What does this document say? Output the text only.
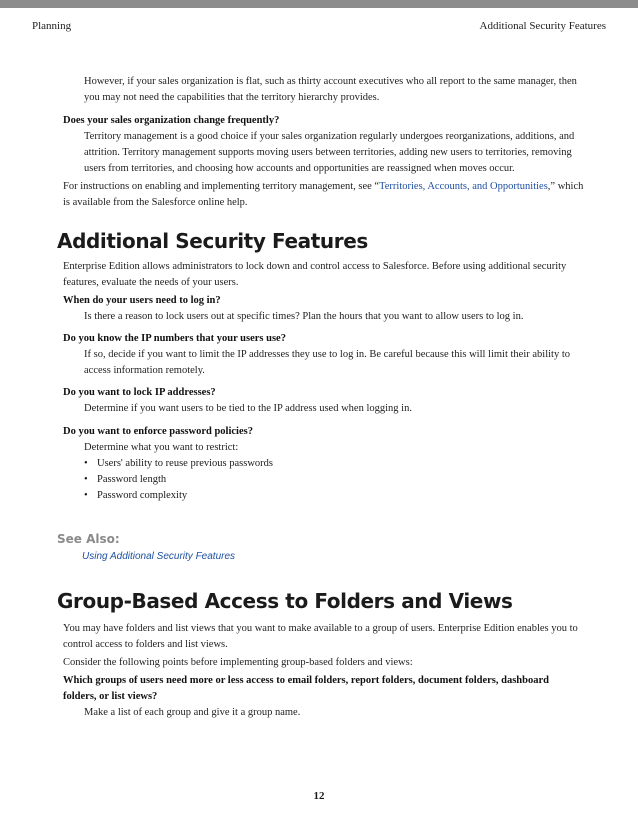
Planning	Additional Security Features

However, if your sales organization is flat, such as thirty account executives who all report to the same manager, then you may not need the capabilities that the territory hierarchy provides.

Does your sales organization change frequently?

Territory management is a good choice if your sales organization regularly undergoes reorganizations, additions, and attrition. Territory management supports moving users between territories, adding new users to territories, removing users from territories, and choosing how accounts and opportunities are reassigned when moves occur.

For instructions on enabling and implementing territory management, see “Territories, Accounts, and Opportunities,” which is available from the Salesforce online help.

Additional Security Features

Enterprise Edition allows administrators to lock down and control access to Salesforce. Before using additional security features, evaluate the needs of your users.

When do your users need to log in?

Is there a reason to lock users out at specific times? Plan the hours that you want to allow users to log in.

Do you know the IP numbers that your users use?

If so, decide if you want to limit the IP addresses they use to log in. Be careful because this will limit their ability to access information remotely.

Do you want to lock IP addresses?

Determine if you want users to be tied to the IP address used when logging in.

Do you want to enforce password policies?

Determine what you want to restrict:

• Users' ability to reuse previous passwords
• Password length
• Password complexity
See Also:
Using Additional Security Features
Group-Based Access to Folders and Views

You may have folders and list views that you want to make available to a group of users. Enterprise Edition enables you to control access to folders and list views.

Consider the following points before implementing group-based folders and views:

Which groups of users need more or less access to email folders, report folders, document folders, dashboard folders, or list views?

Make a list of each group and give it a group name.

12
